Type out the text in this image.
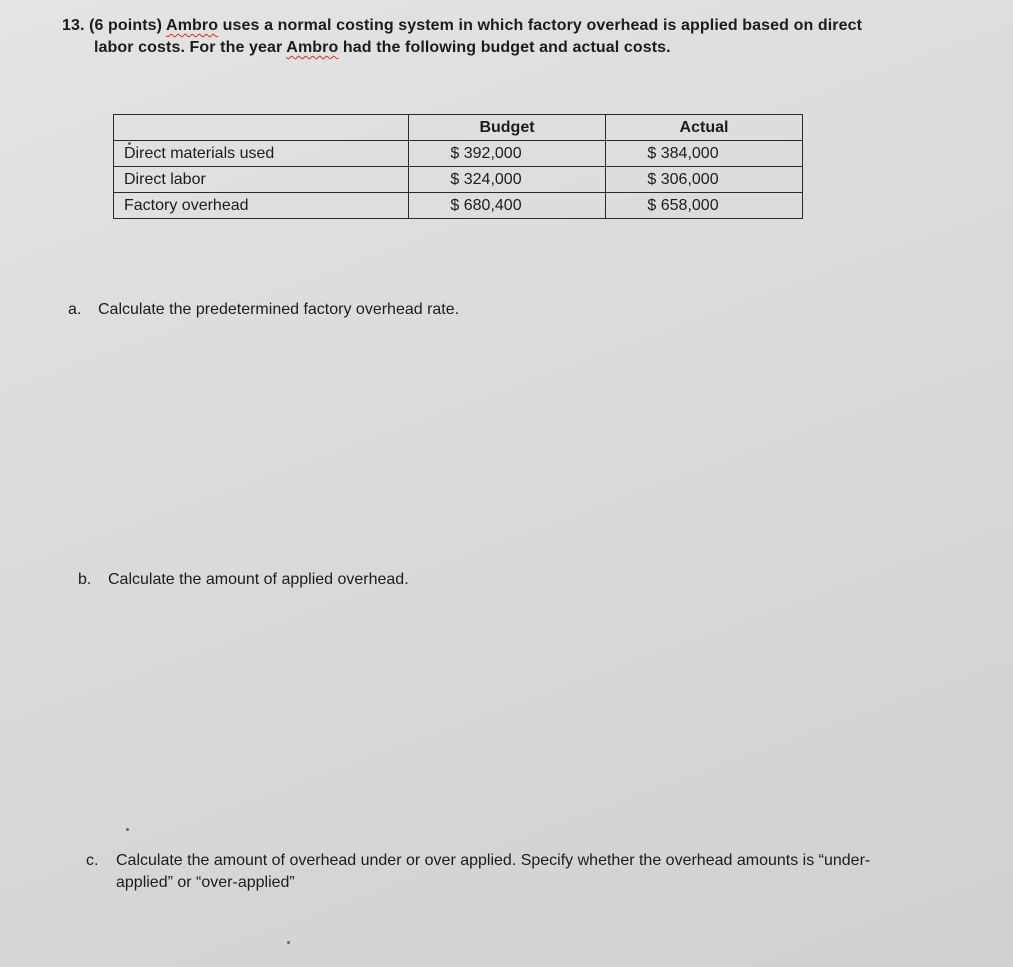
13. (6 points) Ambro uses a normal costing system in which factory overhead is applied based on direct
labor costs. For the year Ambro had the following budget and actual costs.
	Budget	Actual
Direct materials used	$ 392,000	$ 384,000
Direct labor	$ 324,000	$ 306,000
Factory overhead	$ 680,400	$ 658,000
a. Calculate the predetermined factory overhead rate.
b. Calculate the amount of applied overhead.
c. Calculate the amount of overhead under or over applied. Specify whether the overhead amounts is “under-applied” or “over-applied”
